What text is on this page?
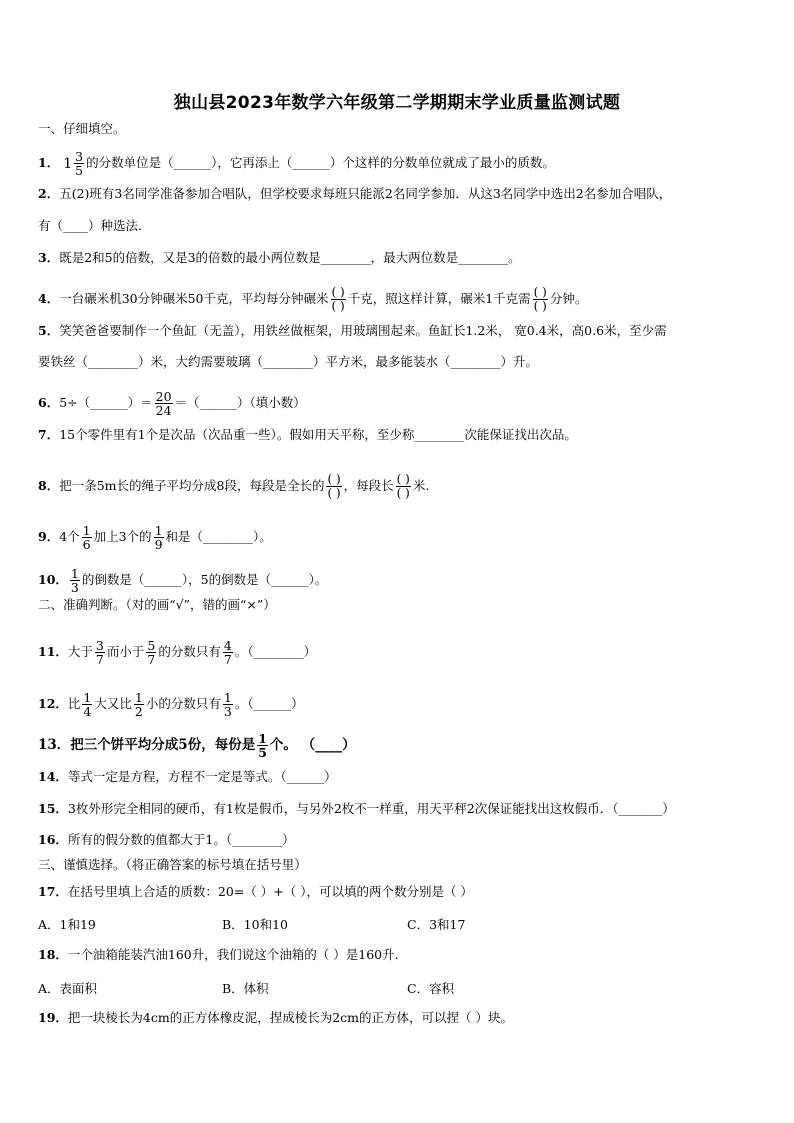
独山县2023年数学六年级第二学期期末学业质量监测试题
一、仔细填空。
1． $1 \frac{3}{5}$ 的分数单位是（______），它再添上（______）个这样的分数单位就成了最小的质数。
2．五(2)班有3名同学准备参加合唱队，但学校要求每班只能派2名同学参加．从这3名同学中选出2名参加合唱队，
有（____）种选法．
3．既是2和5的倍数，又是3的倍数的最小两位数是________，最大两位数是________。
4．一台碾米机30分钟碾米50千克，平均每分钟碾米 $\frac{( )}{( )}$ 千克，照这样计算，碾米1千克需 $\frac{( )}{( )}$ 分钟。
5．笑笑爸爸要制作一个鱼缸（无盖），用铁丝做框架，用玻璃围起来。鱼缸长1.2米， 宽0.4米，高0.6米，至少需
要铁丝（________）米，大约需要玻璃（________）平方米，最多能装水（________）升。
6．5÷（______）＝ $\frac{20}{24}$ ＝（______）（填小数）
7．15个零件里有1个是次品（次品重一些）。假如用天平称，至少称________次能保证找出次品。
8．把一条5m长的绳子平均分成8段，每段是全长的 $\frac{( )}{( )}$ ，每段长 $\frac{( )}{( )}$ 米.
9．4个 $\frac{1}{6}$ 加上3个的 $\frac{1}{9}$ 和是（________）。
10． $\frac{1}{3}$ 的倒数是（______），5的倒数是（______）。
二、准确判断。（对的画“√”，错的画“×”）
11．大于 $\frac{3}{7}$ 而小于 $\frac{5}{7}$ 的分数只有 $\frac{4}{7}$ 。（________）
12．比 $\frac{1}{4}$ 大又比 $\frac{1}{2}$ 小的分数只有 $\frac{1}{3}$ 。（______）
13．把三个饼平均分成5份，每份是 $\frac{1}{5}$ 个。 （____）
14．等式一定是方程，方程不一定是等式。（______）
15．3枚外形完全相同的硬币，有1枚是假币，与另外2枚不一样重，用天平秤2次保证能找出这枚假币．（_______）
16．所有的假分数的值都大于1。（________）
三、谨慎选择。（将正确答案的标号填在括号里）
17．在括号里填上合适的质数：20=（ ）+（ ），可以填的两个数分别是（ ）
A．1和19	B．10和10	C．3和17
18．一个油箱能装汽油160升，我们说这个油箱的（ ）是160升.
A．表面积	B．体积	C．容积
19．把一块棱长为4cm的正方体橡皮泥，捏成棱长为2cm的正方体，可以捏（ ）块。
